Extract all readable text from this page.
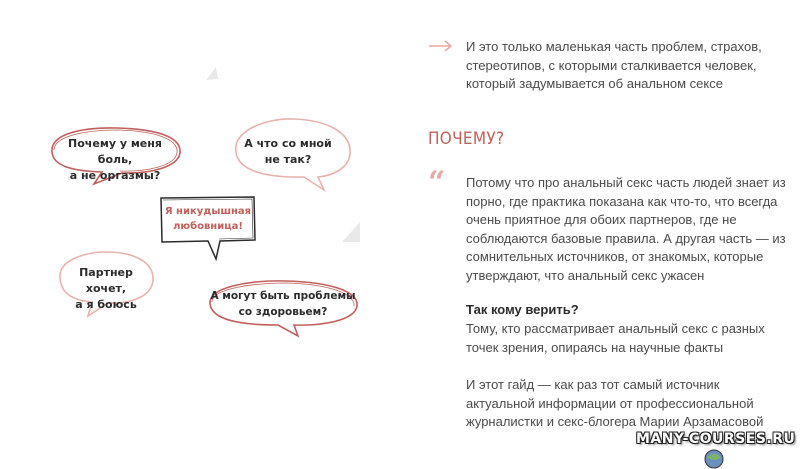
Почему у меня боль,
а не оргазмы?
А что со мной
не так?
Я никудышная
любовница!
Партнер хочет,
а я боюсь
А могут быть проблемы
со здоровьем?
И это только маленькая часть проблем, страхов, стереотипов, с которыми сталкивается человек, который задумывается об анальном сексе
ПОЧЕМУ?
“ Потому что про анальный секс часть людей знает из порно, где практика показана как что-то, что всегда очень приятное для обоих партнеров, где не соблюдаются базовые правила. А другая часть — из сомнительных источников, от знакомых, которые утверждают, что анальный секс ужасен
Так кому верить?
Тому, кто рассматривает анальный секс с разных точек зрения, опираясь на научные факты
И этот гайд — как раз тот самый источник актуальной информации от профессиональной журналистки и секс-блогера Марии Арзамасовой
MANY-COURSES.RU
